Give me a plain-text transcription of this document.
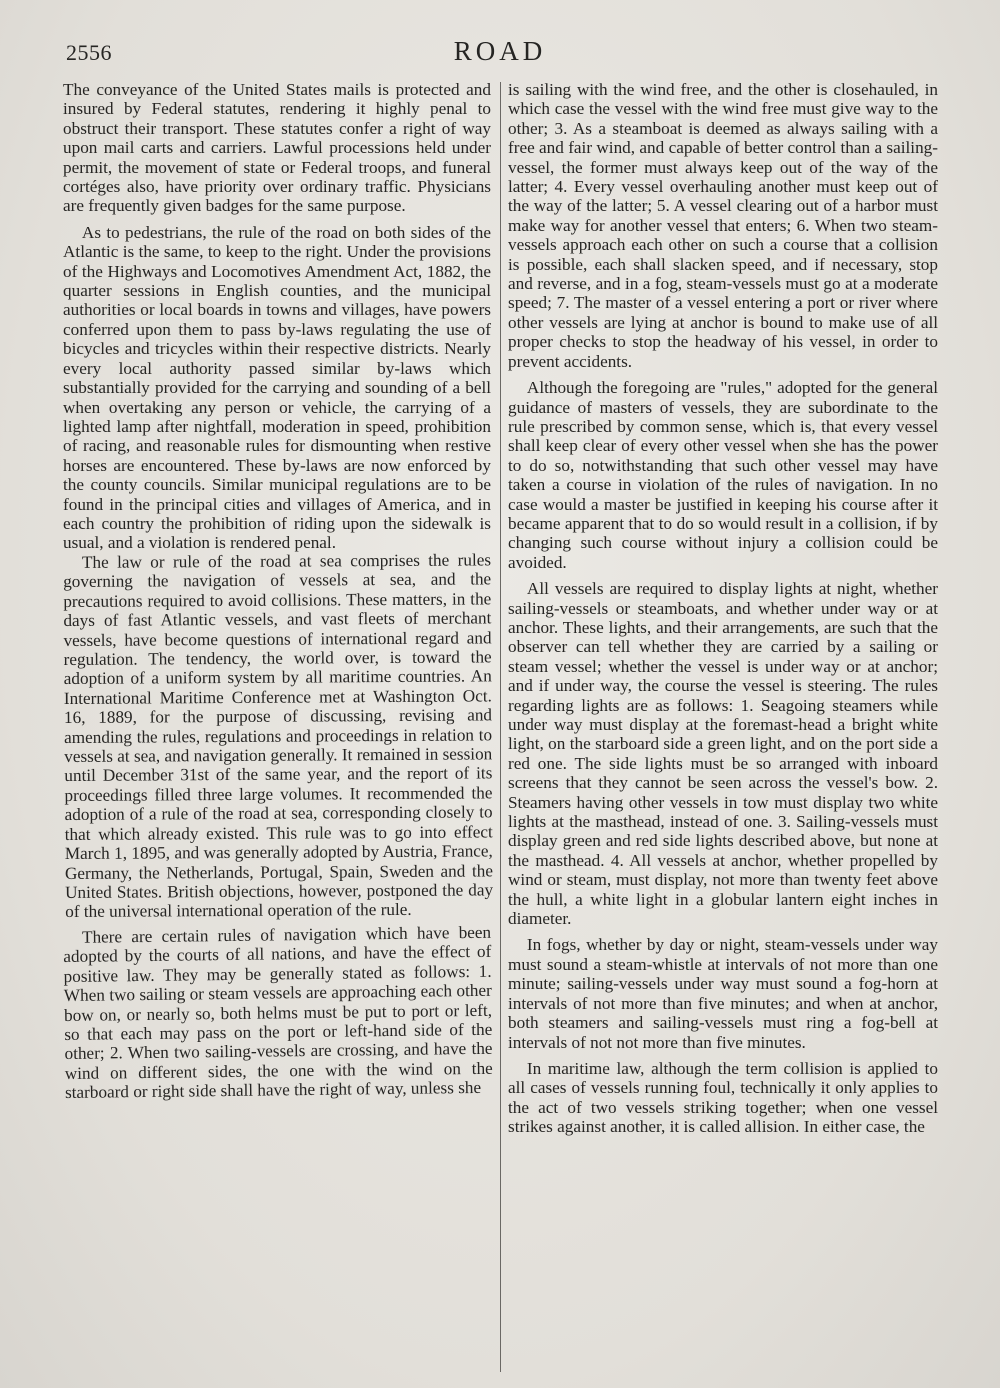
2556	ROAD

The conveyance of the United States mails is protected and insured by Federal statutes, rendering it highly penal to obstruct their transport. These statutes confer a right of way upon mail carts and carriers. Lawful processions held under permit, the movement of state or Federal troops, and funeral cortéges also, have priority over ordinary traffic. Physicians are frequently given badges for the same purpose.

As to pedestrians, the rule of the road on both sides of the Atlantic is the same, to keep to the right. Under the provisions of the Highways and Locomotives Amendment Act, 1882, the quarter sessions in English counties, and the municipal authorities or local boards in towns and villages, have powers conferred upon them to pass by-laws regulating the use of bicycles and tricycles within their respective districts. Nearly every local authority passed similar by-laws which substantially provided for the carrying and sounding of a bell when overtaking any person or vehicle, the carrying of a lighted lamp after nightfall, moderation in speed, prohibition of racing, and reasonable rules for dismounting when restive horses are encountered. These by-laws are now enforced by the county councils. Similar municipal regulations are to be found in the principal cities and villages of America, and in each country the prohibition of riding upon the sidewalk is usual, and a violation is rendered penal.

The law or rule of the road at sea comprises the rules governing the navigation of vessels at sea, and the precautions required to avoid collisions. These matters, in the days of fast Atlantic vessels, and vast fleets of merchant vessels, have become questions of international regard and regulation. The tendency, the world over, is toward the adoption of a uniform system by all maritime countries. An International Maritime Conference met at Washington Oct. 16, 1889, for the purpose of discussing, revising and amending the rules, regulations and proceedings in relation to vessels at sea, and navigation generally. It remained in session until December 31st of the same year, and the report of its proceedings filled three large volumes. It recommended the adoption of a rule of the road at sea, corresponding closely to that which already existed. This rule was to go into effect March 1, 1895, and was generally adopted by Austria, France, Germany, the Netherlands, Portugal, Spain, Sweden and the United States. British objections, however, postponed the day of the universal international operation of the rule.

There are certain rules of navigation which have been adopted by the courts of all nations, and have the effect of positive law. They may be generally stated as follows: 1. When two sailing or steam vessels are approaching each other bow on, or nearly so, both helms must be put to port or left, so that each may pass on the port or left-hand side of the other; 2. When two sailing-vessels are crossing, and have the wind on different sides, the one with the wind on the starboard or right side shall have the right of way, unless she

is sailing with the wind free, and the other is closehauled, in which case the vessel with the wind free must give way to the other; 3. As a steamboat is deemed as always sailing with a free and fair wind, and capable of better control than a sailing-vessel, the former must always keep out of the way of the latter; 4. Every vessel overhauling another must keep out of the way of the latter; 5. A vessel clearing out of a harbor must make way for another vessel that enters; 6. When two steam-vessels approach each other on such a course that a collision is possible, each shall slacken speed, and if necessary, stop and reverse, and in a fog, steam-vessels must go at a moderate speed; 7. The master of a vessel entering a port or river where other vessels are lying at anchor is bound to make use of all proper checks to stop the headway of his vessel, in order to prevent accidents.

Although the foregoing are "rules," adopted for the general guidance of masters of vessels, they are subordinate to the rule prescribed by common sense, which is, that every vessel shall keep clear of every other vessel when she has the power to do so, notwithstanding that such other vessel may have taken a course in violation of the rules of navigation. In no case would a master be justified in keeping his course after it became apparent that to do so would result in a collision, if by changing such course without injury a collision could be avoided.

All vessels are required to display lights at night, whether sailing-vessels or steamboats, and whether under way or at anchor. These lights, and their arrangements, are such that the observer can tell whether they are carried by a sailing or steam vessel; whether the vessel is under way or at anchor; and if under way, the course the vessel is steering. The rules regarding lights are as follows: 1. Seagoing steamers while under way must display at the foremast-head a bright white light, on the starboard side a green light, and on the port side a red one. The side lights must be so arranged with inboard screens that they cannot be seen across the vessel's bow. 2. Steamers having other vessels in tow must display two white lights at the masthead, instead of one. 3. Sailing-vessels must display green and red side lights described above, but none at the masthead. 4. All vessels at anchor, whether propelled by wind or steam, must display, not more than twenty feet above the hull, a white light in a globular lantern eight inches in diameter.

In fogs, whether by day or night, steam-vessels under way must sound a steam-whistle at intervals of not more than one minute; sailing-vessels under way must sound a fog-horn at intervals of not more than five minutes; and when at anchor, both steamers and sailing-vessels must ring a fog-bell at intervals of not not more than five minutes.

In maritime law, although the term collision is applied to all cases of vessels running foul, technically it only applies to the act of two vessels striking together; when one vessel strikes against another, it is called allision. In either case, the
